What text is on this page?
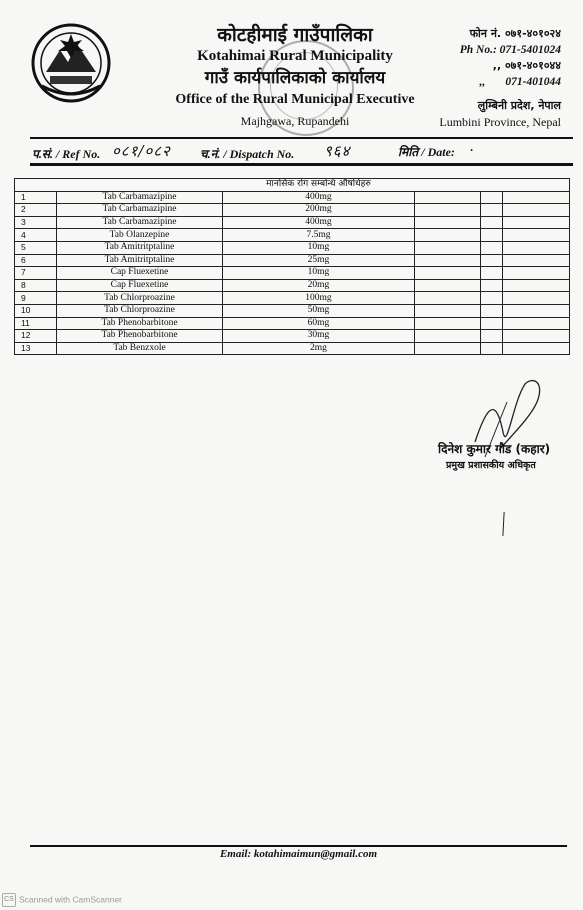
कोटहीमाई गाउँपालिका
Kotahimai Rural Municipality
गाउँ कार्यपालिकाको कार्यालय
Office of the Rural Municipal Executive
Majhgawa, Rupandehi
फोन नं. ०७१-४०१०२४
Ph No.: 071-5401024
,, ०७१-४०१०४४
,,       071-401044
लुम्बिनी प्रदेश, नेपाल
Lumbini Province, Nepal
प.सं. / Ref No. ०८१/०८२ च.नं. / Dispatch No. ९६४	मिति / Date: ·
		मानसिक रोग सम्बन्धि औषधिहरु			
1	Tab Carbamazipine	400mg			
2	Tab Carbamazipine	200mg			
3	Tab Carbamazipine	400mg			
4	Tab Olanzepine	7.5mg			
5	Tab Amitritptaline	10mg			
6	Tab Amitritptaline	25mg			
7	Cap Fluexetine	10mg			
8	Cap Fluexetine	20mg			
9	Tab Chlorproazine	100mg			
10	Tab Chlorproazine	50mg			
11	Tab Phenobarbitone	60mg			
12	Tab Phenobarbitone	30mg			
13	Tab Benzxole	2mg			
दिनेश कुमार गौड (कहार)
प्रमुख प्रशासकीय अधिकृत
Email: kotahimaimun@gmail.com
CS Scanned with CamScanner
